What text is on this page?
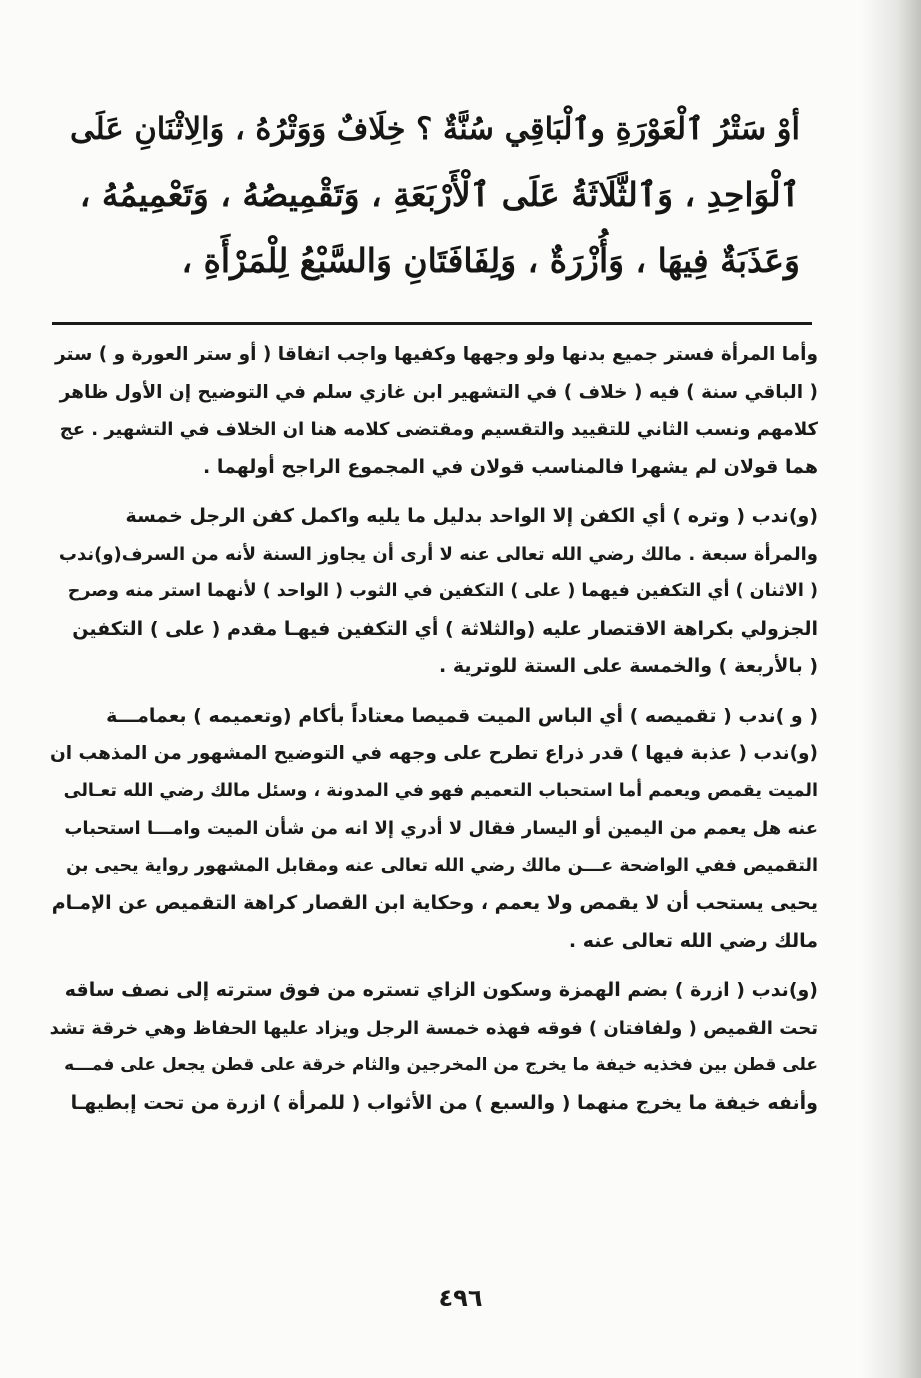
أوْ سَتْرُ ٱلْعَوْرَةِ وٱلْبَاقِي سُنَّةٌ ؟ خِلَافٌ وَوَتْرُهُ ، وَالِاثْنَانِ عَلَى
ٱلْوَاحِدِ ، وَٱلثَّلَاثَةُ عَلَى ٱلْأَرْبَعَةِ ، وَتَقْمِيصُهُ ، وَتَعْمِيمُهُ ،
وَعَذَبَةٌ فِيهَا ، وَأُزْرَةٌ ، وَلِفَافَتَانِ وَالسَّبْعُ لِلْمَرْأَةِ ،
وأما المرأة فستر جميع بدنها ولو وجهها وكفيها واجب اتفاقا ( أو ستر العورة و ) ستر
( الباقي سنة ) فيه ( خلاف ) في التشهير ابن غازي سلم في التوضيح إن الأول ظاهر
كلامهم ونسب الثاني للتقييد والتقسيم ومقتضى كلامه هنا ان الخلاف في التشهير . عج
هما قولان لم يشهرا فالمناسب قولان في المجموع الراجح أولهما .
(و)ندب ( وتره ) أي الكفن إلا الواحد بدليل ما يليه واكمل كفن الرجل خمسة
والمرأة سبعة . مالك رضي الله تعالى عنه لا أرى أن يجاوز السنة لأنه من السرف(و)ندب
( الاثنان ) أي التكفين فيهما ( على ) التكفين في الثوب ( الواحد ) لأنهما استر منه وصرح
الجزولي بكراهة الاقتصار عليه (والثلاثة ) أي التكفين فيهـا مقدم ( على ) التكفين
( بالأربعة ) والخمسة على الستة للوترية .
( و )ندب ( تقميصه ) أي الباس الميت قميصا معتاداً بأكام (وتعميمه ) بعمامـــة
(و)ندب ( عذبة فيها ) قدر ذراع تطرح على وجهه في التوضيح المشهور من المذهب ان
الميت يقمص ويعمم أما استحباب التعميم فهو في المدونة ، وسئل مالك رضي الله تعـالى
عنه هل يعمم من اليمين أو اليسار فقال لا أدري إلا انه من شأن الميت وامـــا استحباب
التقميص ففي الواضحة عـــن مالك رضي الله تعالى عنه ومقابل المشهور رواية يحيى بن
يحيى يستحب أن لا يقمص ولا يعمم ، وحكاية ابن القصار كراهة التقميص عن الإمـام
مالك رضي الله تعالى عنه .
(و)ندب ( ازرة ) بضم الهمزة وسكون الزاي تستره من فوق سترته إلى نصف ساقه
تحت القميص ( ولفافتان ) فوقه فهذه خمسة الرجل ويزاد عليها الحفاظ وهي خرقة تشد
على قطن بين فخذيه خيفة ما يخرج من المخرجين والثام خرقة على قطن يجعل على فمـــه
وأنفه خيفة ما يخرج منهما ( والسبع ) من الأثواب ( للمرأة ) ازرة من تحت إبطيهـا
٤٩٦
